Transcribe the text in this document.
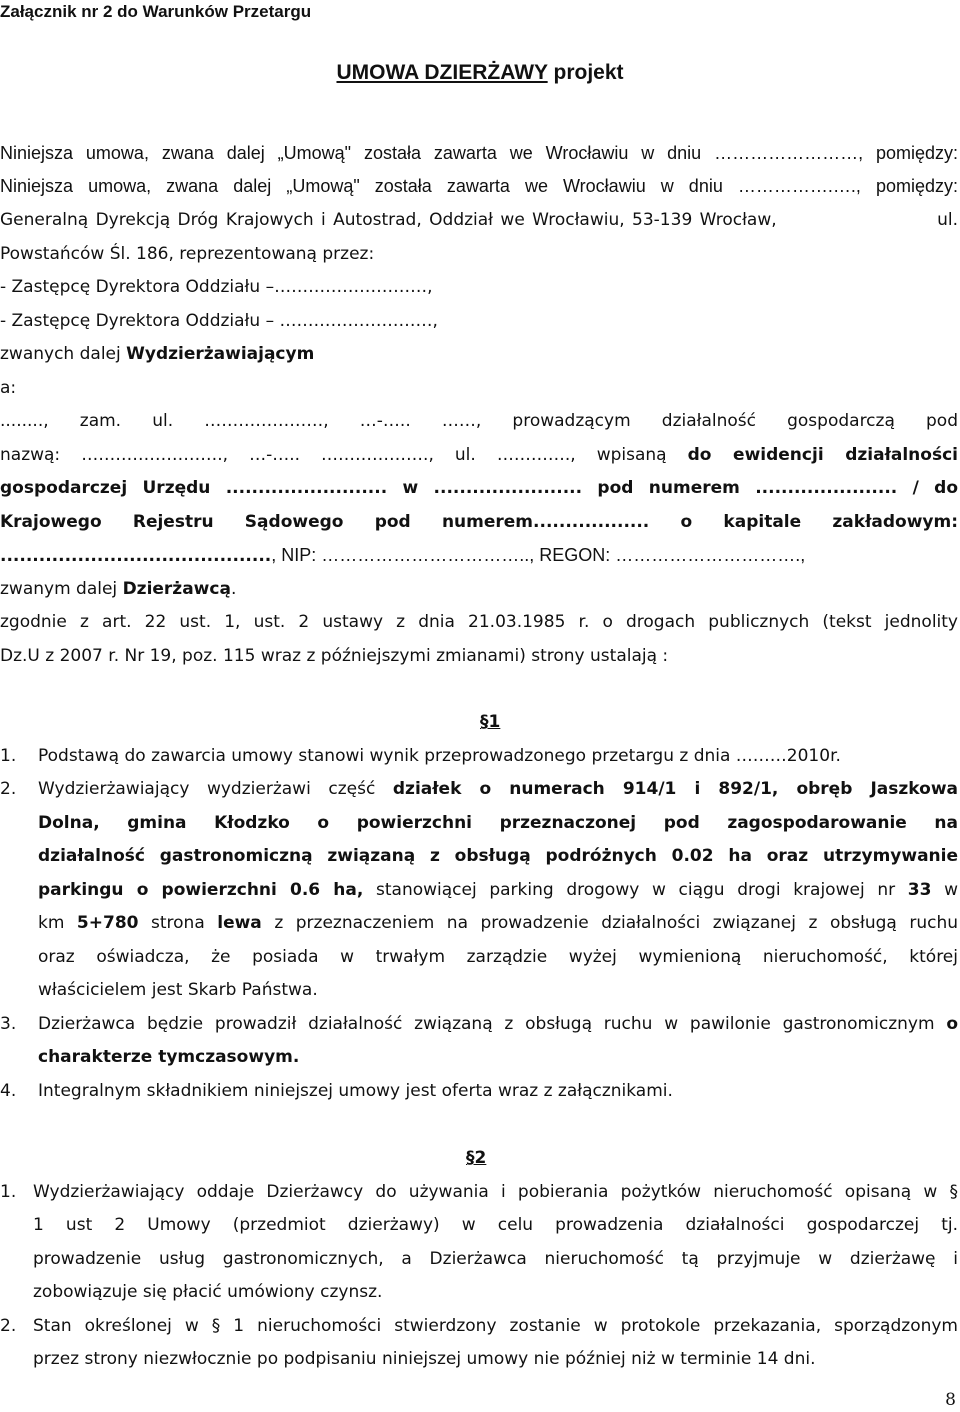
Załącznik nr 2 do Warunków Przetargu
UMOWA DZIERŻAWY projekt
Niniejsza umowa, zwana dalej „Umową" została zawarta we Wrocławiu w dniu ……………………, pomiędzy:
Niniejsza umowa, zwana dalej „Umową" została zawarta we Wrocławiu w dniu …………….…., pomiędzy:
Generalną Dyrekcją Dróg Krajowych i Autostrad, Oddział we Wrocławiu, 53-139 Wrocław,	ul.
Powstańców Śl. 186, reprezentowaną przez:
- Zastępcę Dyrektora Oddziału –………………………,
- Zastępcę Dyrektora Oddziału – ………………………,
zwanych dalej Wydzierżawiającym
a:
........, zam. ul. …………………, …-….. ……, prowadzącym działalność gospodarczą pod
nazwą: ……………………., …-….. ………………., ul. …………., wpisaną do ewidencji działalności
gospodarczej Urzędu ......................... w ....................... pod numerem ...................... / do
Krajowego Rejestru Sądowego pod numerem.................. o kapitale zakładowym:
.........................................., NIP: …………………………….., REGON: ………………………….,
zwanym dalej Dzierżawcą.
zgodnie z art. 22 ust. 1, ust. 2 ustawy z dnia 21.03.1985 r. o drogach publicznych (tekst jednolity
Dz.U z 2007 r. Nr 19, poz. 115 wraz z późniejszymi zmianami) strony ustalają :
§1
1. Podstawą do zawarcia umowy stanowi wynik przeprowadzonego przetargu z dnia ………2010r.
2. Wydzierżawiający wydzierżawi część działek o numerach 914/1 i 892/1, obręb Jaszkowa
Dolna, gmina Kłodzko o powierzchni przeznaczonej pod zagospodarowanie na
działalność gastronomiczną związaną z obsługą podróżnych 0.02 ha oraz utrzymywanie
parkingu o powierzchni 0.6 ha, stanowiącej parking drogowy w ciągu drogi krajowej nr 33 w
km 5+780 strona lewa z przeznaczeniem na prowadzenie działalności związanej z obsługą ruchu
oraz oświadcza, że posiada w trwałym zarządzie wyżej wymienioną nieruchomość, której
właścicielem jest Skarb Państwa.
3. Dzierżawca będzie prowadził działalność związaną z obsługą ruchu w pawilonie gastronomicznym o
charakterze tymczasowym.
4. Integralnym składnikiem niniejszej umowy jest oferta wraz z załącznikami.
§2
1. Wydzierżawiający oddaje Dzierżawcy do używania i pobierania pożytków nieruchomość opisaną w §
1 ust 2 Umowy (przedmiot dzierżawy) w celu prowadzenia działalności gospodarczej tj.
prowadzenie usług gastronomicznych, a Dzierżawca nieruchomość tą przyjmuje w dzierżawę i
zobowiązuje się płacić umówiony czynsz.
2. Stan określonej w § 1 nieruchomości stwierdzony zostanie w protokole przekazania, sporządzonym
przez strony niezwłocznie po podpisaniu niniejszej umowy nie później niż w terminie 14 dni.
8
